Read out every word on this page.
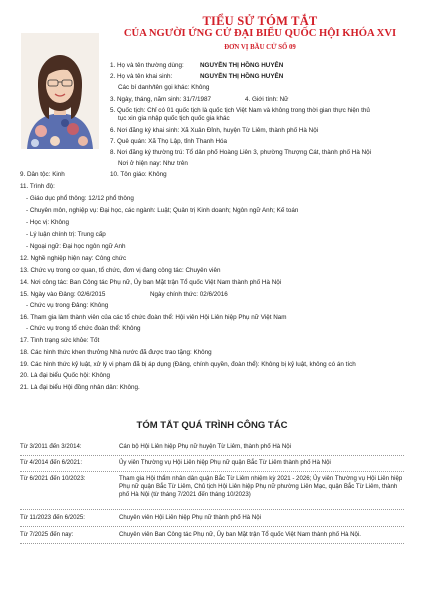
TIỂU SỬ TÓM TẮT
CỦA NGƯỜI ỨNG CỬ ĐẠI BIỂU QUỐC HỘI KHÓA XVI
ĐƠN VỊ BẦU CỬ SỐ 09
1. Họ và tên thường dùng:	NGUYỄN THỊ HỒNG HUYÊN
2. Họ và tên khai sinh:	NGUYỄN THỊ HỒNG HUYÊN
Các bí danh/tên gọi khác: Không
3. Ngày, tháng, năm sinh: 31/7/1987	4. Giới tính: Nữ
5. Quốc tịch: Chỉ có 01 quốc tịch là quốc tịch Việt Nam và không trong thời gian thực hiện thủ
tục xin gia nhập quốc tịch quốc gia khác
6. Nơi đăng ký khai sinh: Xã Xuân Đỉnh, huyện Từ Liêm, thành phố Hà Nội
7. Quê quán: Xã Thọ Lập, tỉnh Thanh Hóa
8. Nơi đăng ký thường trú: Tổ dân phố Hoàng Liên 3, phường Thượng Cát, thành phố Hà Nội
Nơi ở hiện nay: Như trên
9. Dân tộc: Kinh	10. Tôn giáo: Không
11. Trình độ:
- Giáo dục phổ thông: 12/12 phổ thông
- Chuyên môn, nghiệp vụ: Đại học, các ngành: Luật; Quản trị Kinh doanh; Ngôn ngữ Anh; Kế toán
- Học vị: Không
- Lý luận chính trị: Trung cấp
- Ngoại ngữ: Đại học ngôn ngữ Anh
12. Nghề nghiệp hiện nay: Công chức
13. Chức vụ trong cơ quan, tổ chức, đơn vị đang công tác: Chuyên viên
14. Nơi công tác: Ban Công tác Phụ nữ, Ủy ban Mặt trận Tổ quốc Việt Nam thành phố Hà Nội
15. Ngày vào Đảng: 02/6/2015	Ngày chính thức: 02/6/2016
- Chức vụ trong Đảng: Không
16. Tham gia làm thành viên của các tổ chức đoàn thể: Hội viên Hội Liên hiệp Phụ nữ Việt Nam
- Chức vụ trong tổ chức đoàn thể: Không
17. Tình trạng sức khỏe: Tốt
18. Các hình thức khen thưởng Nhà nước đã được trao tặng: Không
19. Các hình thức kỷ luật, xử lý vi phạm đã bị áp dụng (Đảng, chính quyền, đoàn thể): Không bị kỷ luật, không có án tích
20. Là đại biểu Quốc hội: Không
21. Là đại biểu Hội đồng nhân dân: Không.
TÓM TẮT QUÁ TRÌNH CÔNG TÁC
Từ 3/2011 đến 3/2014:	Cán bộ Hội Liên hiệp Phụ nữ huyện Từ Liêm, thành phố Hà Nội
Từ 4/2014 đến 6/2021:	Ủy viên Thường vụ Hội Liên hiệp Phụ nữ quận Bắc Từ Liêm thành phố Hà Nội
Từ 6/2021 đến 10/2023:	Tham gia Hội thẩm nhân dân quận Bắc Từ Liêm nhiệm kỳ 2021 - 2026; Ủy viên Thường vụ Hội Liên hiệp Phụ nữ quận Bắc Từ Liêm, Chủ tịch Hội Liên hiệp Phụ nữ phường Liên Mạc, quận Bắc Từ Liêm, thành phố Hà Nội (từ tháng 7/2021 đến tháng 10/2023)
Từ 11/2023 đến 6/2025:	Chuyên viên Hội Liên hiệp Phụ nữ thành phố Hà Nội
Từ 7/2025 đến nay:	Chuyên viên Ban Công tác Phụ nữ, Ủy ban Mặt trận Tổ quốc Việt Nam thành phố Hà Nội.
